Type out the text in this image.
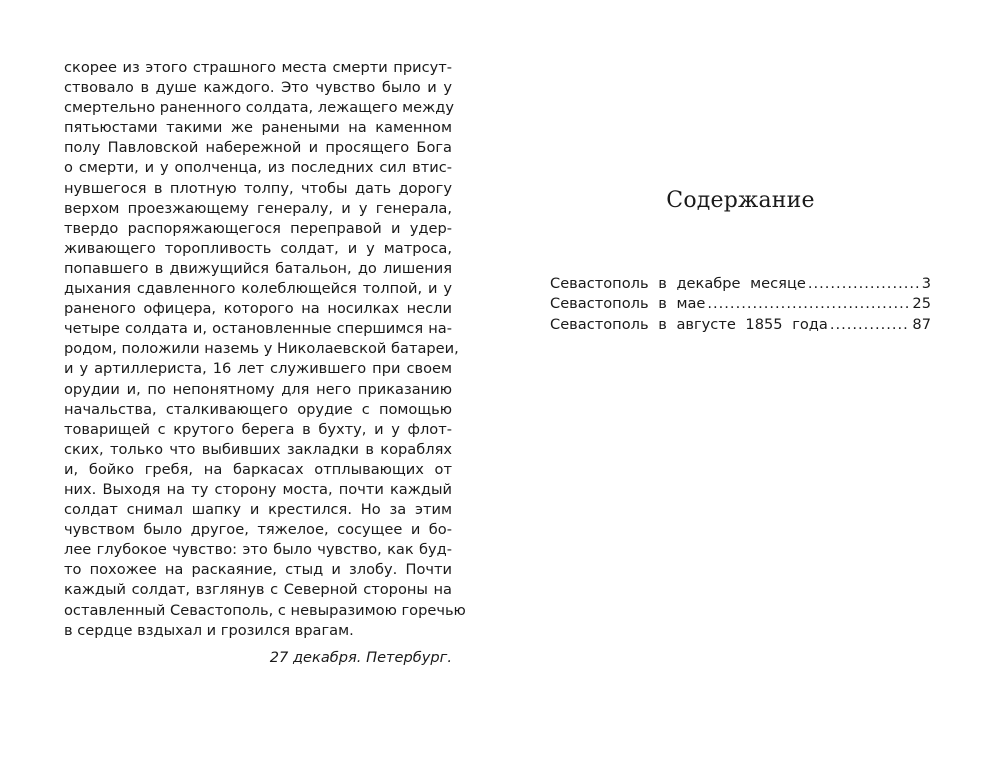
скорее из этого страшного места смерти присут-
ствовало в душе каждого. Это чувство было и у
смертельно раненного солдата, лежащего между
пятьюстами такими же ранеными на каменном
полу Павловской набережной и просящего Бога
о смерти, и у ополченца, из последних сил втис-
нувшегося в плотную толпу, чтобы дать дорогу
верхом проезжающему генералу, и у генерала,
твердо распоряжающегося переправой и удер-
живающего торопливость солдат, и у матроса,
попавшего в движущийся батальон, до лишения
дыхания сдавленного колеблющейся толпой, и у
раненого офицера, которого на носилках несли
четыре солдата и, остановленные спершимся на-
родом, положили наземь у Николаевской батареи,
и у артиллериста, 16 лет служившего при своем
орудии и, по непонятному для него приказанию
начальства, сталкивающего орудие с помощью
товарищей с крутого берега в бухту, и у флот-
ских, только что выбивших закладки в кораблях
и, бойко гребя, на баркасах отплывающих от
них. Выходя на ту сторону моста, почти каждый
солдат снимал шапку и крестился. Но за этим
чувством было другое, тяжелое, сосущее и бо-
лее глубокое чувство: это было чувство, как буд-
то похожее на раскаяние, стыд и злобу. Почти
каждый солдат, взглянув с Северной стороны на
оставленный Севастополь, с невыразимою горечью
в сердце вздыхал и грозился врагам.
27 декабря. Петербург.
Содержание
Севастополь в декабре месяце .....	3
Севастополь в мае .....	25
Севастополь в августе 1855 года .....	87
